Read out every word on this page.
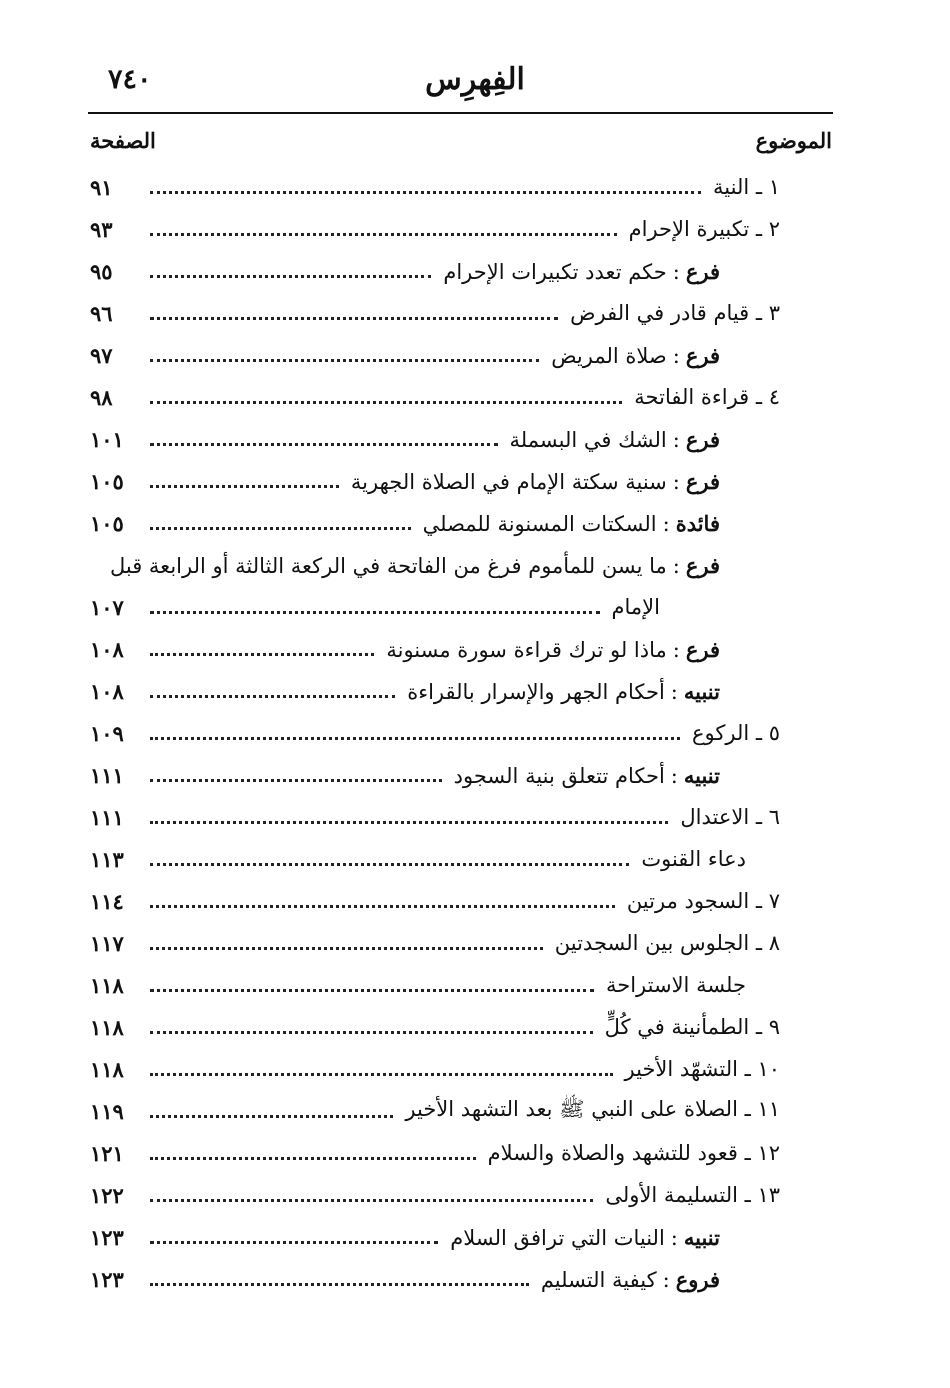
٧٤٠	الفِهرِس
الموضوع
الصفحة
١ ـ النية
٩١
٢ ـ تكبيرة الإحرام
٩٣
فرع:حكم تعدد تكبيرات الإحرام
٩٥
٣ ـ قيام قادر في الفرض
٩٦
فرع:صلاة المريض
٩٧
٤ ـ قراءة الفاتحة
٩٨
فرع:الشك في البسملة
١٠١
فرع:سنية سكتة الإمام في الصلاة الجهرية
١٠٥
فائدة:السكتات المسنونة للمصلي
١٠٥
فرع:ما يسن للمأموم فرغ من الفاتحة في الركعة الثالثة أو الرابعة قبل
الإمام
١٠٧
فرع:ماذا لو ترك قراءة سورة مسنونة
١٠٨
تنبيه:أحكام الجهر والإسرار بالقراءة
١٠٨
٥ ـ الركوع
١٠٩
تنبيه:أحكام تتعلق بنية السجود
١١١
٦ ـ الاعتدال
١١١
دعاء القنوت
١١٣
٧ ـ السجود مرتين
١١٤
٨ ـ الجلوس بين السجدتين
١١٧
جلسة الاستراحة
١١٨
٩ ـ الطمأنينة في كُلٍّ
١١٨
١٠ ـ التشهّد الأخير
١١٨
١١ ـ الصلاة على النبي ﷺ بعد التشهد الأخير
١١٩
١٢ ـ قعود للتشهد والصلاة والسلام
١٢١
١٣ ـ التسليمة الأولى
١٢٢
تنبيه:النيات التي ترافق السلام
١٢٣
فروع:كيفية التسليم
١٢٣
